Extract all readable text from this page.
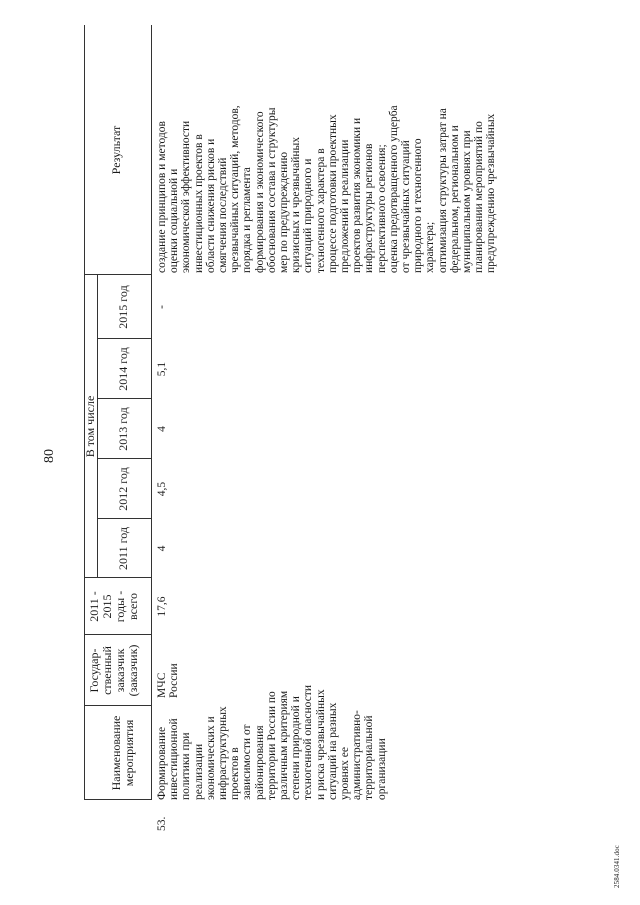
80
Наименование мероприятия
Государ- ственный заказчик (заказчик)
2011 - 2015 годы - всего
В том числе
2011 год
2012 год
2013 год
2014 год
2015 год
Результат
53.
Формирование инвестиционной политики при реализации экономических и инфраструктурных проектов в зависимости от районирования территории России по различным критериям степени природной и техногенной опасности и риска чрезвычайных ситуаций на разных уровнях ее административно- территориальной организации
МЧС России
17,6
4
4,5
4
5,1
-
создание принципов и методов оценки социальной и экономической эффективности инвестиционных проектов в области снижения рисков и смягчения последствий чрезвычайных ситуаций, методов, порядка и регламента формирования и экономического обоснования состава и структуры мер по предупреждению кризисных и чрезвычайных ситуаций природного и техногенного характера в процессе подготовки проектных предложений и реализации проектов развития экономики и инфраструктуры регионов перспективного освоения; оценка предотвращенного ущерба от чрезвычайных ситуаций природного и техногенного характера; оптимизация структуры затрат на федеральном, региональном и муниципальном уровнях при планировании мероприятий по предупреждению чрезвычайных
2584.0341.doc
